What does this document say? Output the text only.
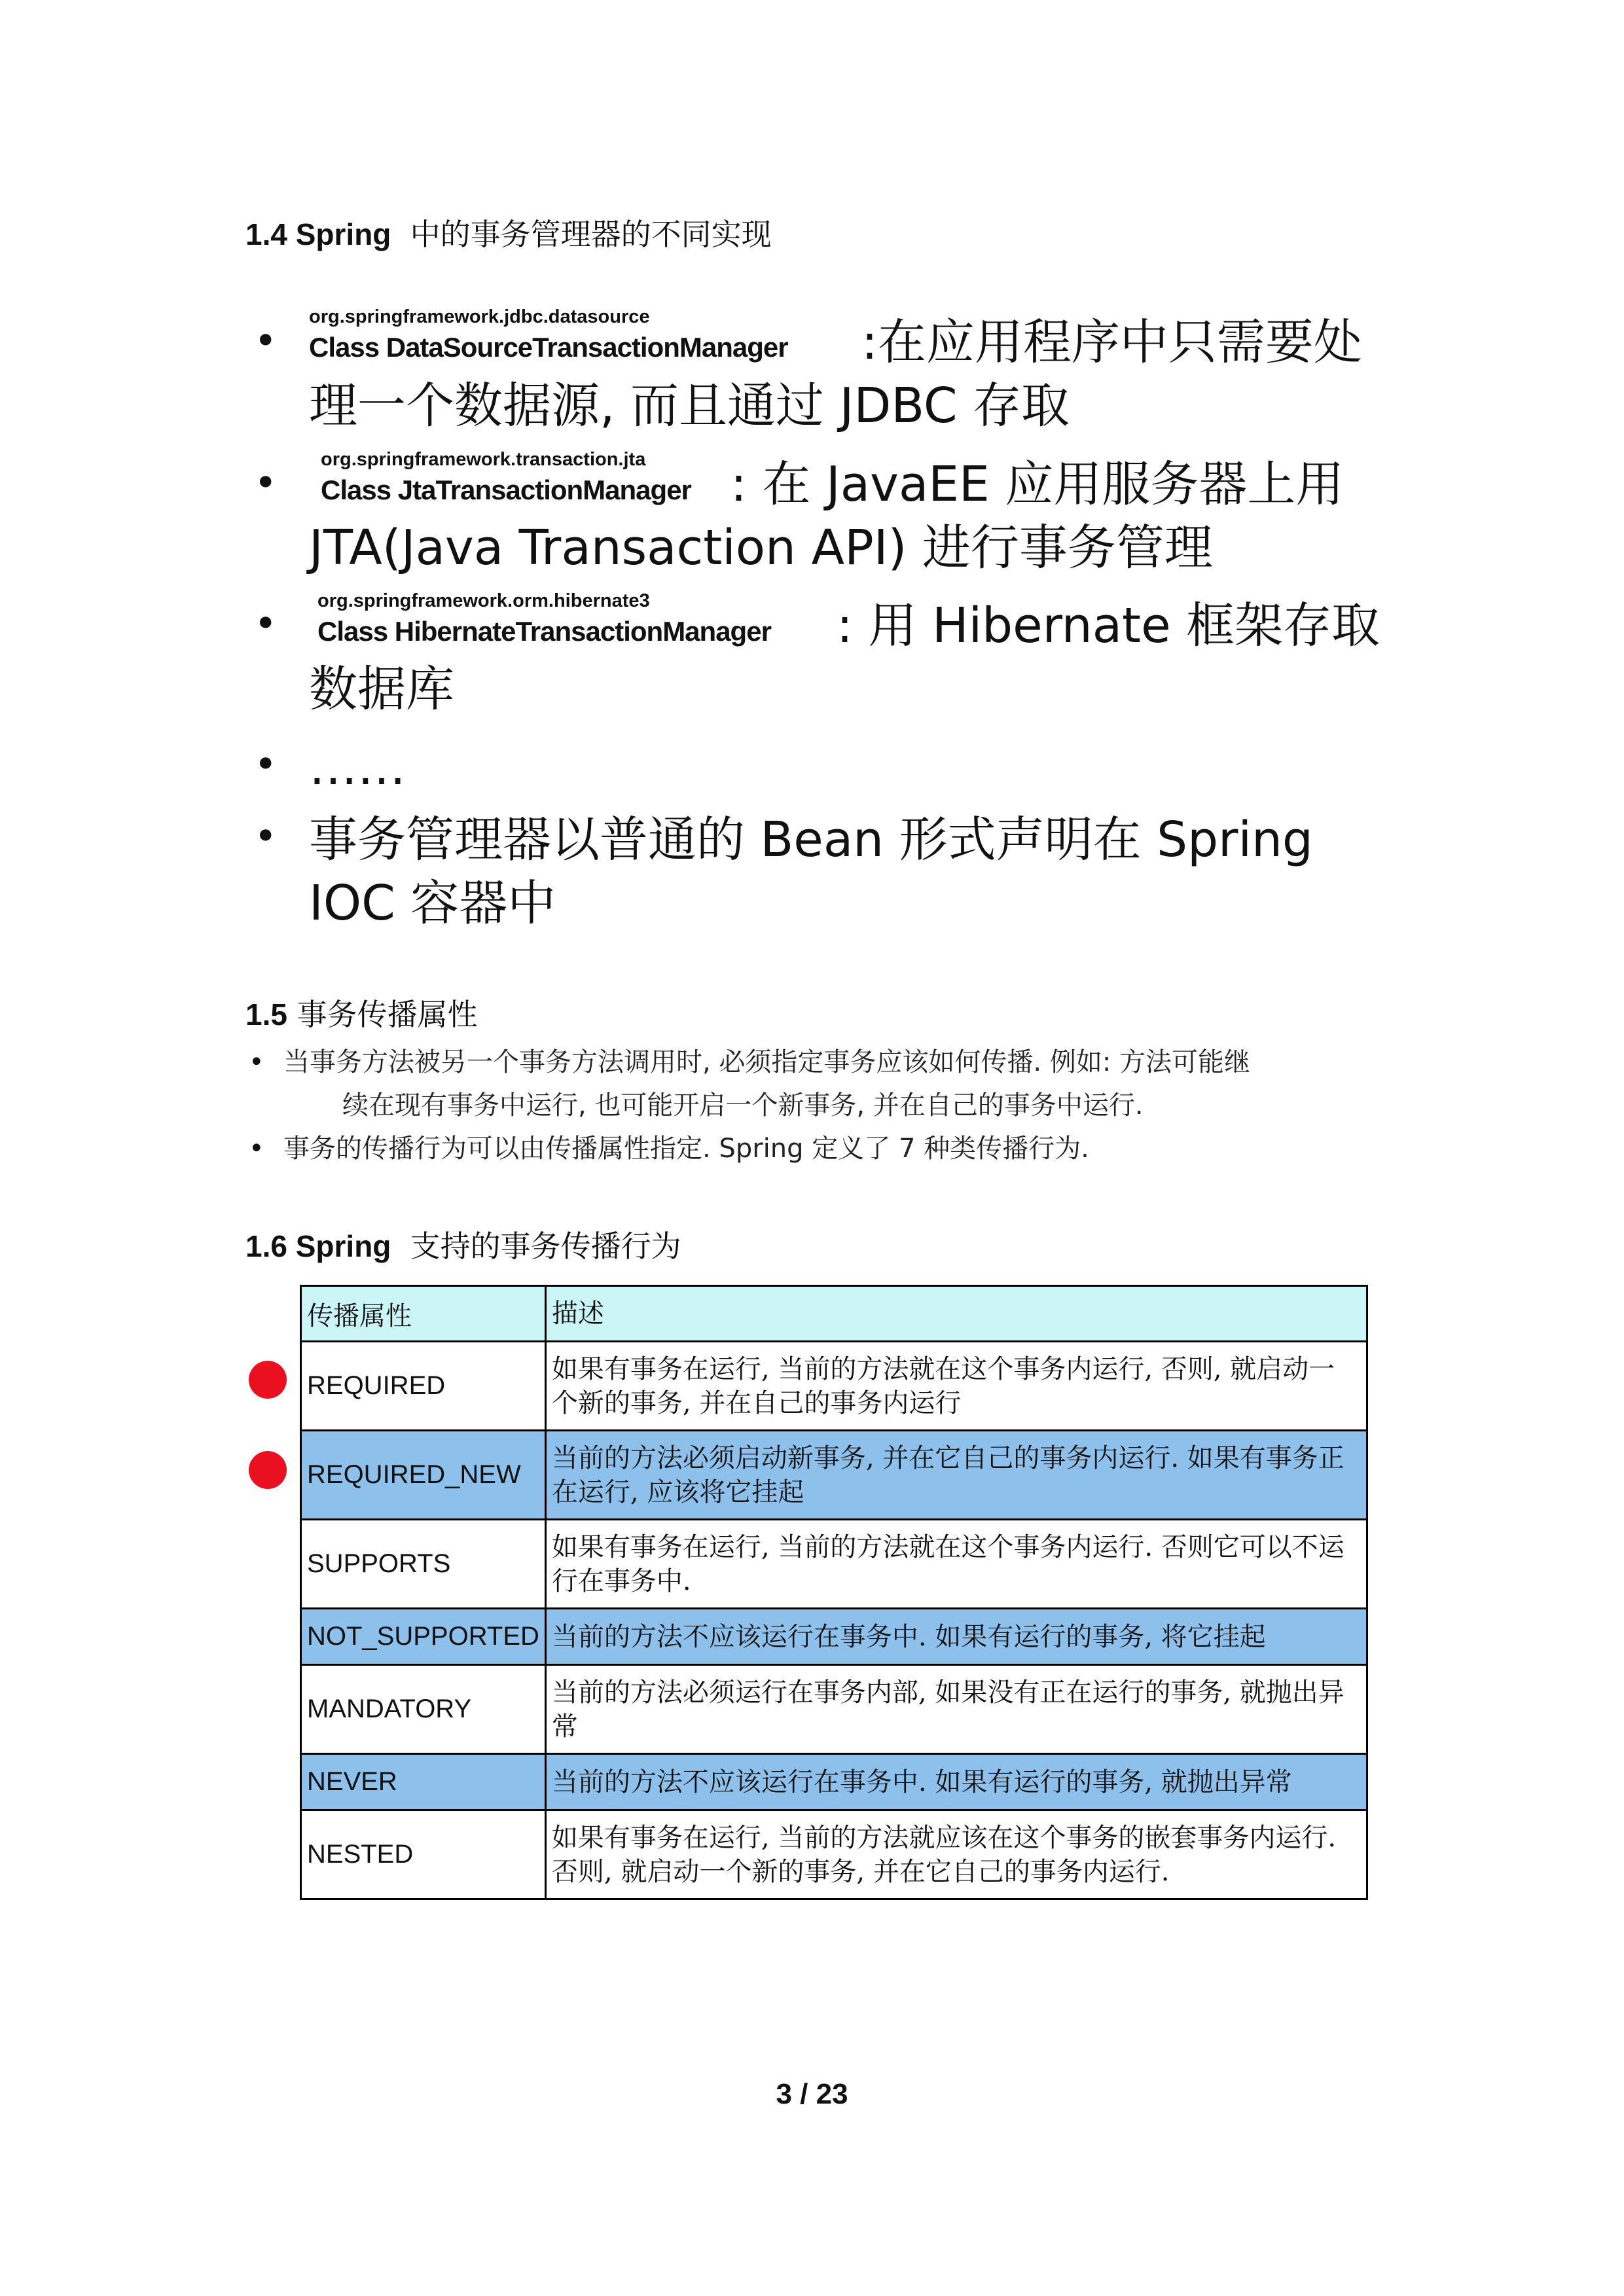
1.4 Spring 中的事务管理器的不同实现
•
org.springframework.jdbc.datasource
Class DataSourceTransactionManager :在应用程序中只需要处
理一个数据源, 而且通过 JDBC 存取
•
org.springframework.transaction.jta
Class JtaTransactionManager : 在 JavaEE 应用服务器上用
JTA(Java Transaction API) 进行事务管理
• org.springframework.orm.hibernate3
Class HibernateTransactionManager : 用 Hibernate 框架存取
数据库
• ……
• 事务管理器以普通的 Bean 形式声明在 Spring
IOC 容器中
1.5 事务传播属性
• 当事务方法被另一个事务方法调用时, 必须指定事务应该如何传播. 例如: 方法可能继
续在现有事务中运行, 也可能开启一个新事务, 并在自己的事务中运行.
• 事务的传播行为可以由传播属性指定. Spring 定义了 7 种类传播行为.
1.6 Spring 支持的事务传播行为
传播属性	描述
REQUIRED	如果有事务在运行, 当前的方法就在这个事务内运行, 否则, 就启动一个新的事务, 并在自己的事务内运行
REQUIRED_NEW	当前的方法必须启动新事务, 并在它自己的事务内运行. 如果有事务正在运行, 应该将它挂起
SUPPORTS	如果有事务在运行, 当前的方法就在这个事务内运行. 否则它可以不运行在事务中.
NOT_SUPPORTED	当前的方法不应该运行在事务中. 如果有运行的事务, 将它挂起
MANDATORY	当前的方法必须运行在事务内部, 如果没有正在运行的事务, 就抛出异常
NEVER	当前的方法不应该运行在事务中. 如果有运行的事务, 就抛出异常
NESTED	如果有事务在运行, 当前的方法就应该在这个事务的嵌套事务内运行. 否则, 就启动一个新的事务, 并在它自己的事务内运行.
3 / 23
